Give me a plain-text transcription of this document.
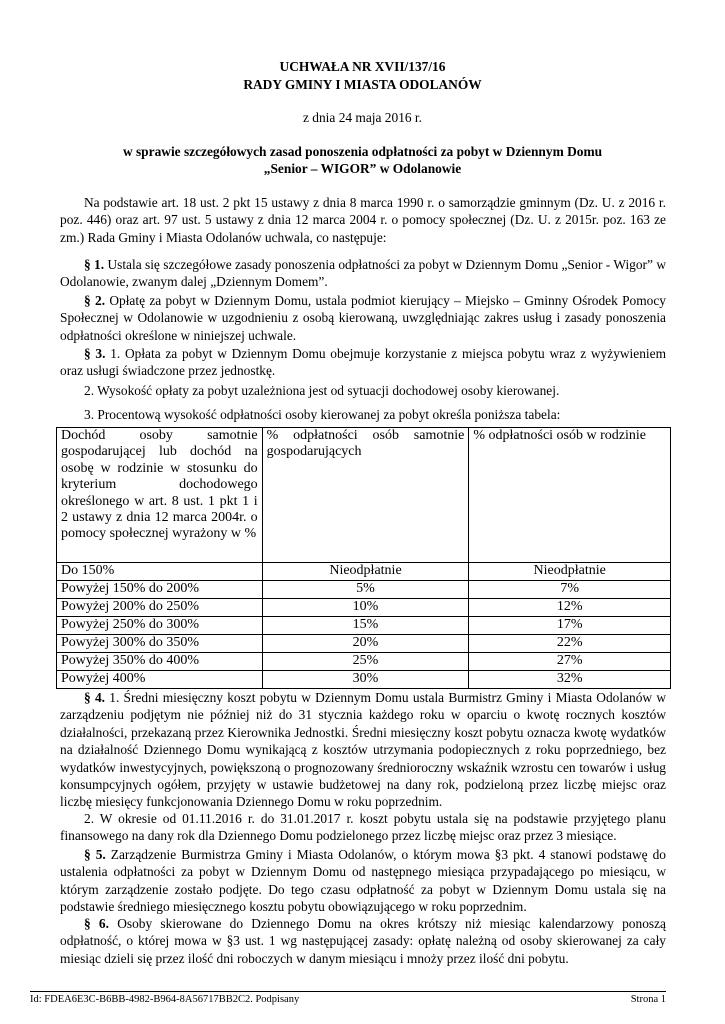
UCHWAŁA NR XVII/137/16
RADY GMINY I MIASTA ODOLANÓW
z dnia 24 maja 2016 r.
w sprawie szczegółowych zasad ponoszenia odpłatności za pobyt w Dziennym Domu
„Senior – WIGOR” w Odolanowie
Na podstawie art. 18 ust. 2 pkt 15 ustawy z dnia 8 marca 1990 r. o samorządzie gminnym (Dz. U. z 2016 r. poz. 446) oraz art. 97 ust. 5 ustawy z dnia 12 marca 2004 r. o pomocy społecznej (Dz. U. z 2015r. poz. 163 ze zm.) Rada Gminy i Miasta Odolanów uchwala, co następuje:
§ 1. Ustala się szczegółowe zasady ponoszenia odpłatności za pobyt w Dziennym Domu „Senior - Wigor” w Odolanowie, zwanym dalej „Dziennym Domem”.
§ 2. Opłatę za pobyt w Dziennym Domu, ustala podmiot kierujący – Miejsko – Gminny Ośrodek Pomocy Społecznej w Odolanowie w uzgodnieniu z osobą kierowaną, uwzględniając zakres usług i zasady ponoszenia odpłatności określone w niniejszej uchwale.
§ 3. 1. Opłata za pobyt w Dziennym Domu obejmuje korzystanie z miejsca pobytu wraz z wyżywieniem oraz usługi świadczone przez jednostkę.
2. Wysokość opłaty za pobyt uzależniona jest od sytuacji dochodowej osoby kierowanej.
3. Procentową wysokość odpłatności osoby kierowanej za pobyt określa poniższa tabela:
Dochód osoby samotnie gospodarującej lub dochód na osobę w rodzinie w stosunku do kryterium dochodowego określonego w art. 8 ust. 1 pkt 1 i 2 ustawy z dnia 12 marca 2004r. o pomocy społecznej wyrażony w %	% odpłatności osób samotnie gospodarujących	% odpłatności osób w rodzinie
Do 150%	Nieodpłatnie	Nieodpłatnie
Powyżej 150% do 200%	5%	7%
Powyżej 200% do 250%	10%	12%
Powyżej 250% do 300%	15%	17%
Powyżej 300% do 350%	20%	22%
Powyżej 350% do 400%	25%	27%
Powyżej 400%	30%	32%
§ 4. 1. Średni miesięczny koszt pobytu w Dziennym Domu ustala Burmistrz Gminy i Miasta Odolanów w zarządzeniu podjętym nie później niż do 31 stycznia każdego roku w oparciu o kwotę rocznych kosztów działalności, przekazaną przez Kierownika Jednostki. Średni miesięczny koszt pobytu oznacza kwotę wydatków na działalność Dziennego Domu wynikającą z kosztów utrzymania podopiecznych z roku poprzedniego, bez wydatków inwestycyjnych, powiększoną o prognozowany średnioroczny wskaźnik wzrostu cen towarów i usług konsumpcyjnych ogółem, przyjęty w ustawie budżetowej na dany rok, podzieloną przez liczbę miejsc oraz liczbę miesięcy funkcjonowania Dziennego Domu w roku poprzednim.
2. W okresie od 01.11.2016 r. do 31.01.2017 r. koszt pobytu ustala się na podstawie przyjętego planu finansowego na dany rok dla Dziennego Domu podzielonego przez liczbę miejsc oraz przez 3 miesiące.
§ 5. Zarządzenie Burmistrza Gminy i Miasta Odolanów, o którym mowa §3 pkt. 4 stanowi podstawę do ustalenia odpłatności za pobyt w Dziennym Domu od następnego miesiąca przypadającego po miesiącu, w którym zarządzenie zostało podjęte. Do tego czasu odpłatność za pobyt w Dziennym Domu ustala się na podstawie średniego miesięcznego kosztu pobytu obowiązującego w roku poprzednim.
§ 6. Osoby skierowane do Dziennego Domu na okres krótszy niż miesiąc kalendarzowy ponoszą odpłatność, o której mowa w §3 ust. 1 wg następującej zasady: opłatę należną od osoby skierowanej za cały miesiąc dzieli się przez ilość dni roboczych w danym miesiącu i mnoży przez ilość dni pobytu.
Id: FDEA6E3C-B6BB-4982-B964-8A56717BB2C2. Podpisany	Strona 1
